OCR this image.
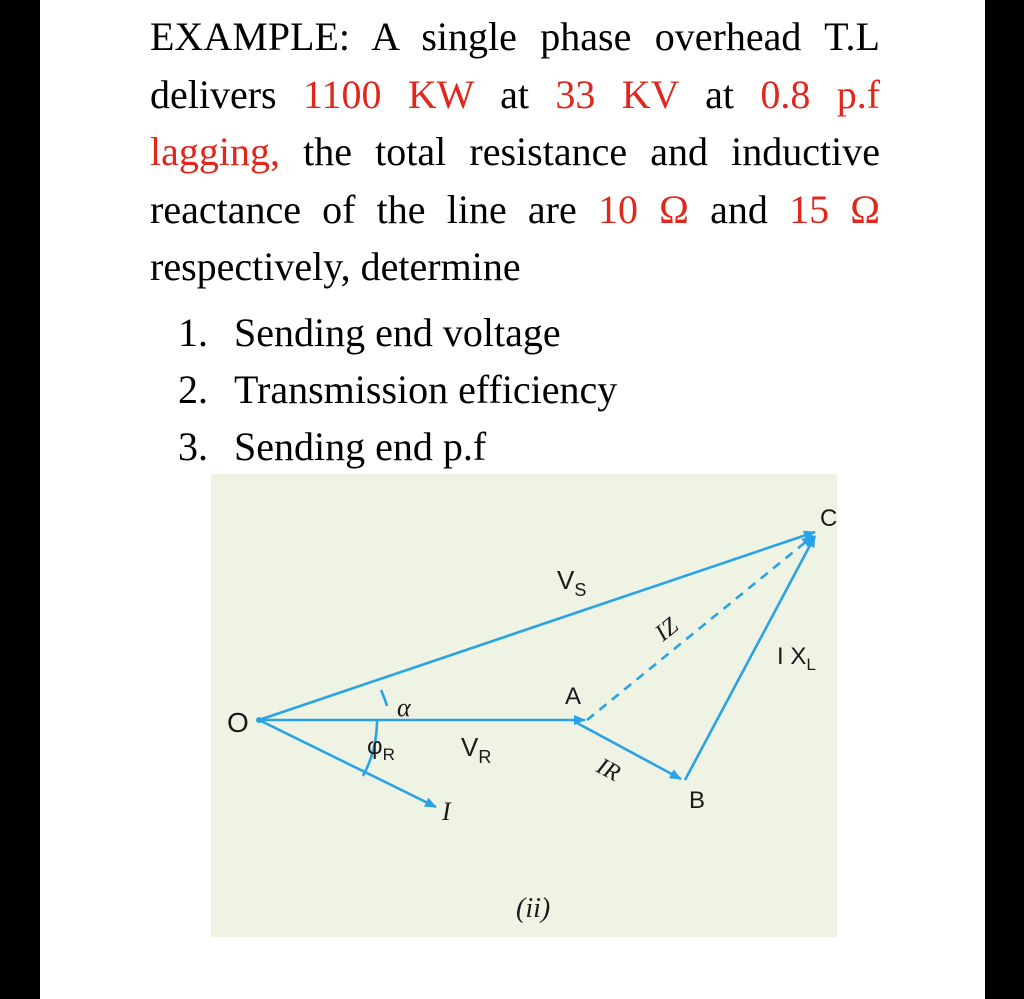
EXAMPLE: A single phase overhead T.L
delivers 1100 KW at 33 KV at 0.8 p.f
lagging, the total resistance and inductive
reactance of the line are 10 Ω and 15 Ω
respectively, determine
1. Sending end voltage
2. Transmission efficiency
3. Sending end p.f
O
C
A
B
I
$V_S$
$V_R$
$\varphi_R$
α
IZ
IR
I $X_L$
(ii)
